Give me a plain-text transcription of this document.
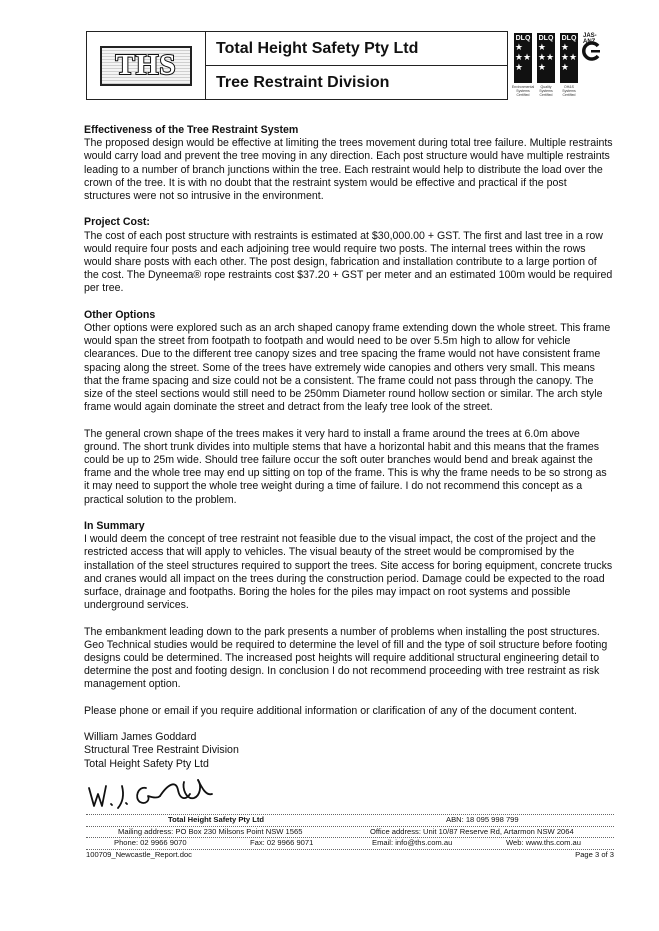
THS
Total Height Safety Pty Ltd
Tree Restraint Division
DLQ
★
★★
★
Environmental Systems Certified
DLQ
★
★★
★
Quality Systems Certified
DLQ
★
★★
★
OH&S Systems Certified
JAS-ANZ
Effectiveness of the Tree Restraint System

The proposed design would be effective at limiting the trees movement during total tree failure. Multiple restraints would carry load and prevent the tree moving in any direction. Each post structure would have multiple restraints leading to a number of branch junctions within the tree. Each restraint would help to distribute the load over the crown of the tree. It is with no doubt that the restraint system would be effective and practical if the post structures were not so intrusive in the environment.

Project Cost:

The cost of each post structure with restraints is estimated at $30,000.00 + GST. The first and last tree in a row would require four posts and each adjoining tree would require two posts. The internal trees within the rows would share posts with each other. The post design, fabrication and installation contribute to a large portion of the cost. The Dyneema® rope restraints cost $37.20 + GST per meter and an estimated 100m would be required per tree.

Other Options

Other options were explored such as an arch shaped canopy frame extending down the whole street. This frame would span the street from footpath to footpath and would need to be over 5.5m high to allow for vehicle clearances. Due to the different tree canopy sizes and tree spacing the frame would not have consistent frame spacing along the street. Some of the trees have extremely wide canopies and others very small. This means that the frame spacing and size could not be a consistent. The frame could not pass through the canopy. The size of the steel sections would still need to be 250mm Diameter round hollow section or similar. The arch style frame would again dominate the street and detract from the leafy tree look of the street.

The general crown shape of the trees makes it very hard to install a frame around the trees at 6.0m above ground. The short trunk divides into multiple stems that have a horizontal habit and this means that the frames could be up to 25m wide. Should tree failure occur the soft outer branches would bend and break against the frame and the whole tree may end up sitting on top of the frame. This is why the frame needs to be so strong as it may need to support the whole tree weight during a time of failure. I do not recommend this concept as a practical solution to the problem.

In Summary

I would deem the concept of tree restraint not feasible due to the visual impact, the cost of the project and the restricted access that will apply to vehicles. The visual beauty of the street would be compromised by the installation of the steel structures required to support the trees. Site access for boring equipment, concrete trucks and cranes would all impact on the trees during the construction period. Damage could be expected to the road surface, drainage and footpaths. Boring the holes for the piles may impact on root systems and possible underground services.

The embankment leading down to the park presents a number of problems when installing the post structures. Geo Technical studies would be required to determine the level of fill and the type of soil structure before footing designs could be determined. The increased post heights will require additional structural engineering detail to determine the post and footing design. In conclusion I do not recommend proceeding with tree restraint as risk management option.

Please phone or email if you require additional information or clarification of any of the document content.

William James Goddard
Structural Tree Restraint Division
Total Height Safety Pty Ltd
Total Height Safety Pty Ltd	ABN: 18 095 998 799
Mailing address: PO Box 230 Milsons Point NSW 1565	Office address: Unit 10/87 Reserve Rd, Artarmon NSW 2064
Phone: 02 9966 9070	Fax: 02 9966 9071	Email: info@ths.com.au	Web: www.ths.com.au
100709_Newcastle_Report.doc	Page 3 of 3
